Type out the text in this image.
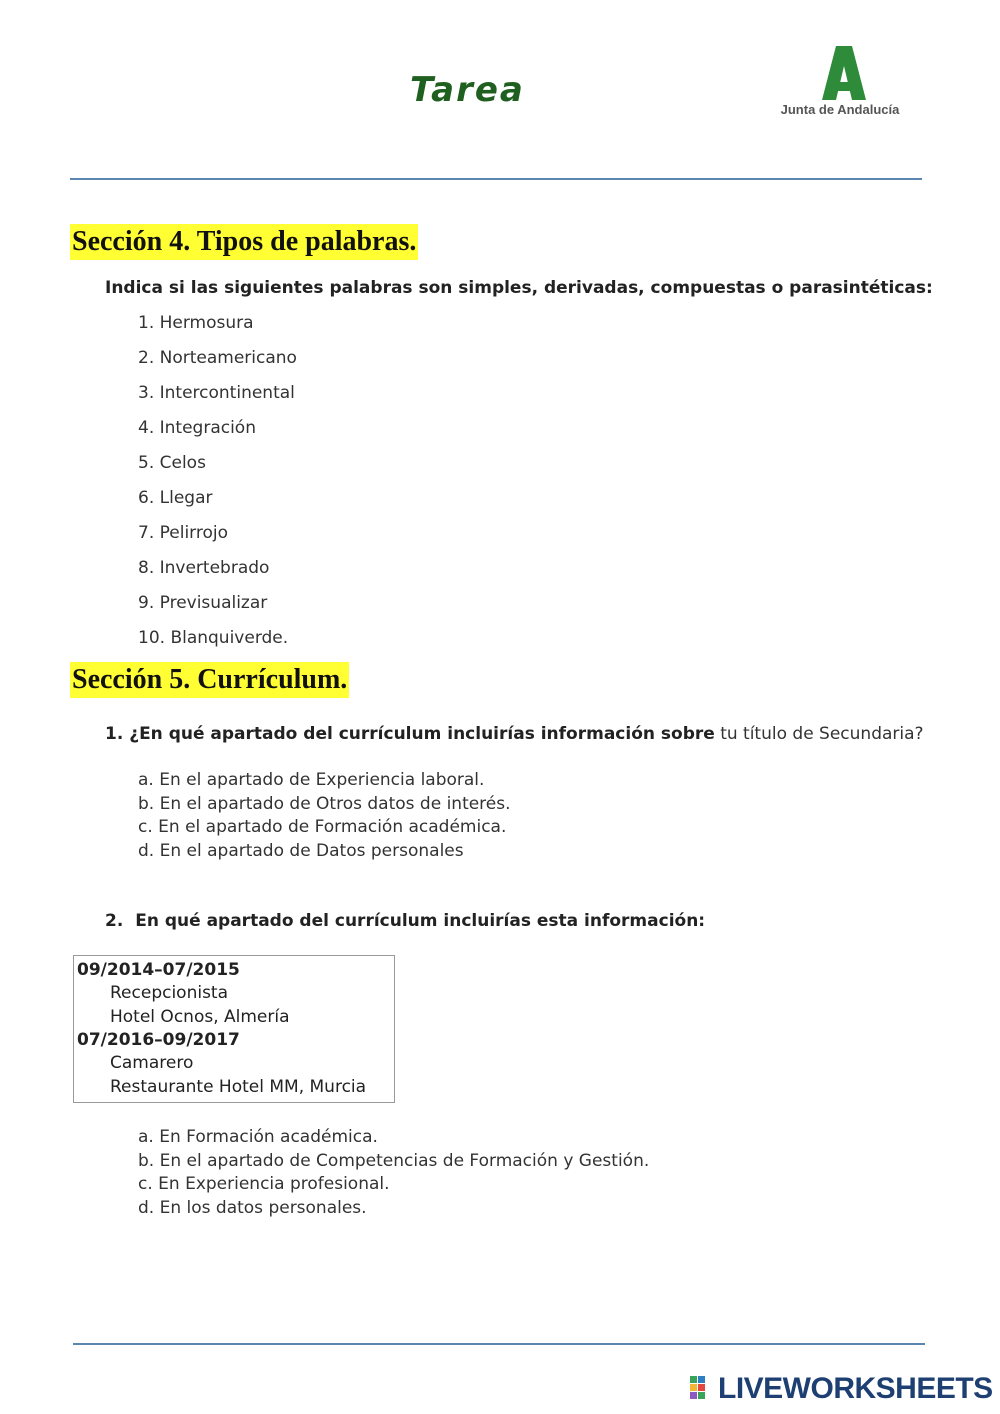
Tarea	Junta de Andalucía
Sección 4. Tipos de palabras.
Indica si las siguientes palabras son simples, derivadas, compuestas o parasintéticas:
1. Hermosura
2. Norteamericano
3. Intercontinental
4. Integración
5. Celos
6. Llegar
7. Pelirrojo
8. Invertebrado
9. Previsualizar
10. Blanquiverde.
Sección 5. Currículum.
1. ¿En qué apartado del currículum incluirías información sobre tu título de Secundaria?
a. En el apartado de Experiencia laboral.
b. En el apartado de Otros datos de interés.
c. En el apartado de Formación académica.
d. En el apartado de Datos personales
2. En qué apartado del currículum incluirías esta información:
09/2014–07/2015
Recepcionista
Hotel Ocnos, Almería
07/2016–09/2017
Camarero
Restaurante Hotel MM, Murcia
a. En Formación académica.
b. En el apartado de Competencias de Formación y Gestión.
c. En Experiencia profesional.
d. En los datos personales.
LIVEWORKSHEETS
